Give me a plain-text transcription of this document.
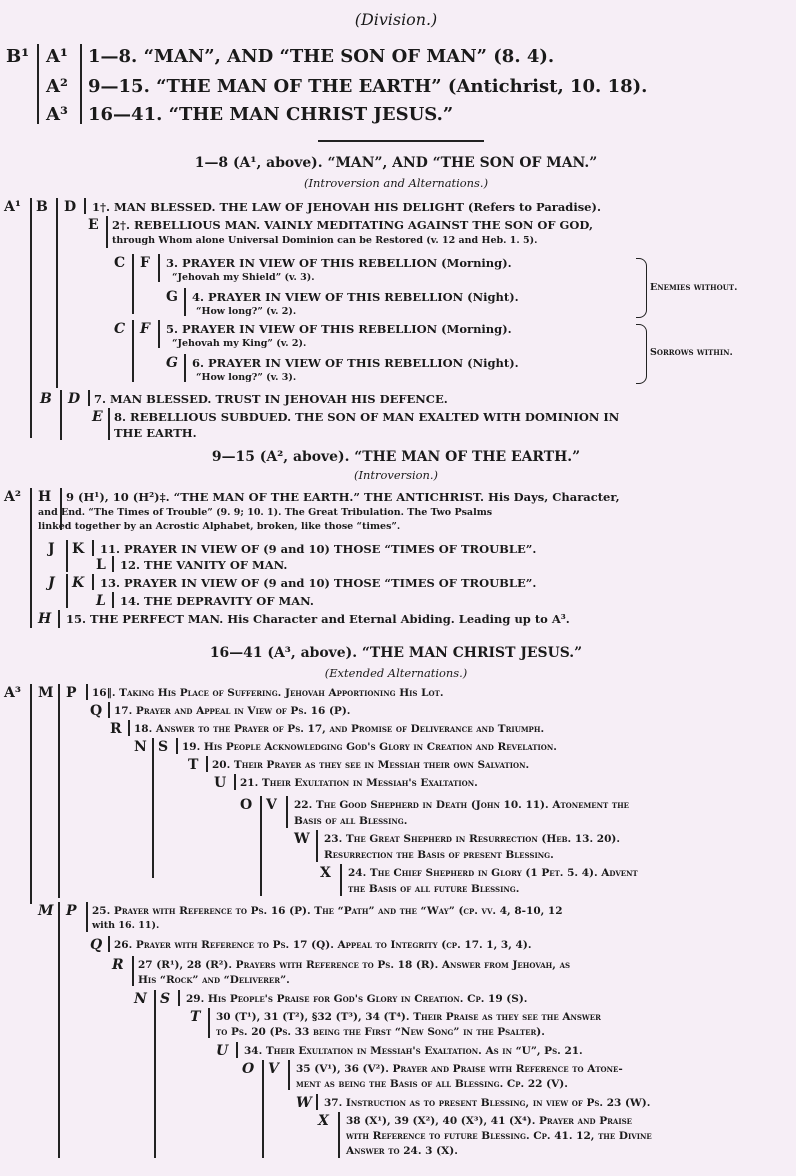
(Division.)
B¹ A¹
A²
A³
1—8. “MAN”, AND “THE SON OF MAN” (8. 4).
9—15. “THE MAN OF THE EARTH” (Antichrist, 10. 18).
16—41. “THE MAN CHRIST JESUS.”
1—8 (A¹, above). “MAN”, AND “THE SON OF MAN.”
(Introversion and Alternations.)
A¹ B D 1†. MAN BLESSED. THE LAW OF JEHOVAH HIS DELIGHT (Refers to Paradise).
E 2†. REBELLIOUS MAN. VAINLY MEDITATING AGAINST THE SON OF GOD,
through Whom alone Universal Dominion can be Restored (v. 12 and Heb. 1. 5).
C F 3. PRAYER IN VIEW OF THIS REBELLION (Morning).
“Jehovah my Shield” (v. 3).
G 4. PRAYER IN VIEW OF THIS REBELLION (Night).
“How long?” (v. 2).
Enemies without.
C F 5. PRAYER IN VIEW OF THIS REBELLION (Morning).
“Jehovah my King” (v. 2).
G 6. PRAYER IN VIEW OF THIS REBELLION (Night).
“How long?” (v. 3).
Sorrows within.
B D 7. MAN BLESSED. TRUST IN JEHOVAH HIS DEFENCE.
E 8. REBELLIOUS SUBDUED. THE SON OF MAN EXALTED WITH DOMINION IN
THE EARTH.
9—15 (A², above). “THE MAN OF THE EARTH.”
(Introversion.)
A² H 9 (H¹), 10 (H²)‡. “THE MAN OF THE EARTH.” THE ANTICHRIST. His Days, Character,
and End. “The Times of Trouble” (9. 9; 10. 1). The Great Tribulation. The Two Psalms
linked together by an Acrostic Alphabet, broken, like those “times”.
J K 11. PRAYER IN VIEW OF (9 and 10) THOSE “TIMES OF TROUBLE”.
L 12. THE VANITY OF MAN.
J K 13. PRAYER IN VIEW OF (9 and 10) THOSE “TIMES OF TROUBLE”.
L 14. THE DEPRAVITY OF MAN.
H 15. THE PERFECT MAN. His Character and Eternal Abiding. Leading up to A³.
16—41 (A³, above). “THE MAN CHRIST JESUS.”
(Extended Alternations.)
A³ M P 16‖. Taking His Place of Suffering. Jehovah Apportioning His Lot.
Q 17. Prayer and Appeal in View of Ps. 16 (P).
R 18. Answer to the Prayer of Ps. 17, and Promise of Deliverance and Triumph.
N S 19. His People Acknowledging God's Glory in Creation and Revelation.
T 20. Their Prayer as they see in Messiah their own Salvation.
U 21. Their Exultation in Messiah's Exaltation.
O V 22. The Good Shepherd in Death (John 10. 11). Atonement the
Basis of all Blessing.
W 23. The Great Shepherd in Resurrection (Heb. 13. 20).
Resurrection the Basis of present Blessing.
X 24. The Chief Shepherd in Glory (1 Pet. 5. 4). Advent
the Basis of all future Blessing.
M P 25. Prayer with Reference to Ps. 16 (P). The “Path” and the “Way” (cp. vv. 4, 8-10, 12
with 16. 11).
Q 26. Prayer with Reference to Ps. 17 (Q). Appeal to Integrity (cp. 17. 1, 3, 4).
R 27 (R¹), 28 (R²). Prayers with Reference to Ps. 18 (R). Answer from Jehovah, as
His “Rock” and “Deliverer”.
N S 29. His People's Praise for God's Glory in Creation. Cp. 19 (S).
T 30 (T¹), 31 (T²), §32 (T³), 34 (T⁴). Their Praise as they see the Answer
to Ps. 20 (Ps. 33 being the First “New Song” in the Psalter).
U 34. Their Exultation in Messiah's Exaltation. As in “U”, Ps. 21.
O V 35 (V¹), 36 (V²). Prayer and Praise with Reference to Atone-
ment as being the Basis of all Blessing. Cp. 22 (V).
W 37. Instruction as to present Blessing, in view of Ps. 23 (W).
X 38 (X¹), 39 (X²), 40 (X³), 41 (X⁴). Prayer and Praise
with Reference to future Blessing. Cp. 41. 12, the Divine
Answer to 24. 3 (X).
